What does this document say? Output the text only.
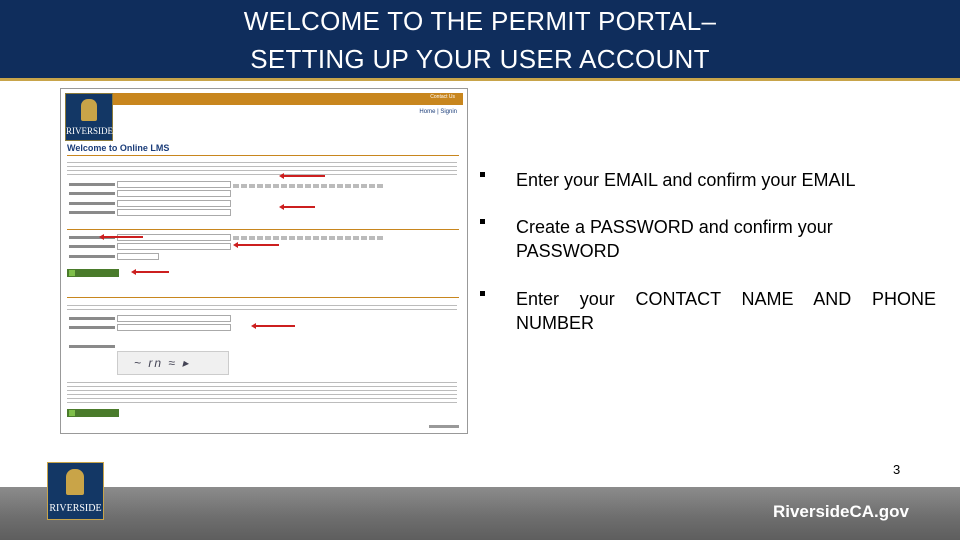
WELCOME TO THE PERMIT PORTAL–
SETTING UP YOUR USER ACCOUNT
RIVERSIDE
Contact Us
Home | Signin
Welcome to Online LMS
~ rn ≈ ▸
Enter your EMAIL and confirm your EMAIL
Create a PASSWORD and confirm your PASSWORD
Enter your CONTACT NAME AND PHONE NUMBER
3
RiversideCA.gov
RIVERSIDE
